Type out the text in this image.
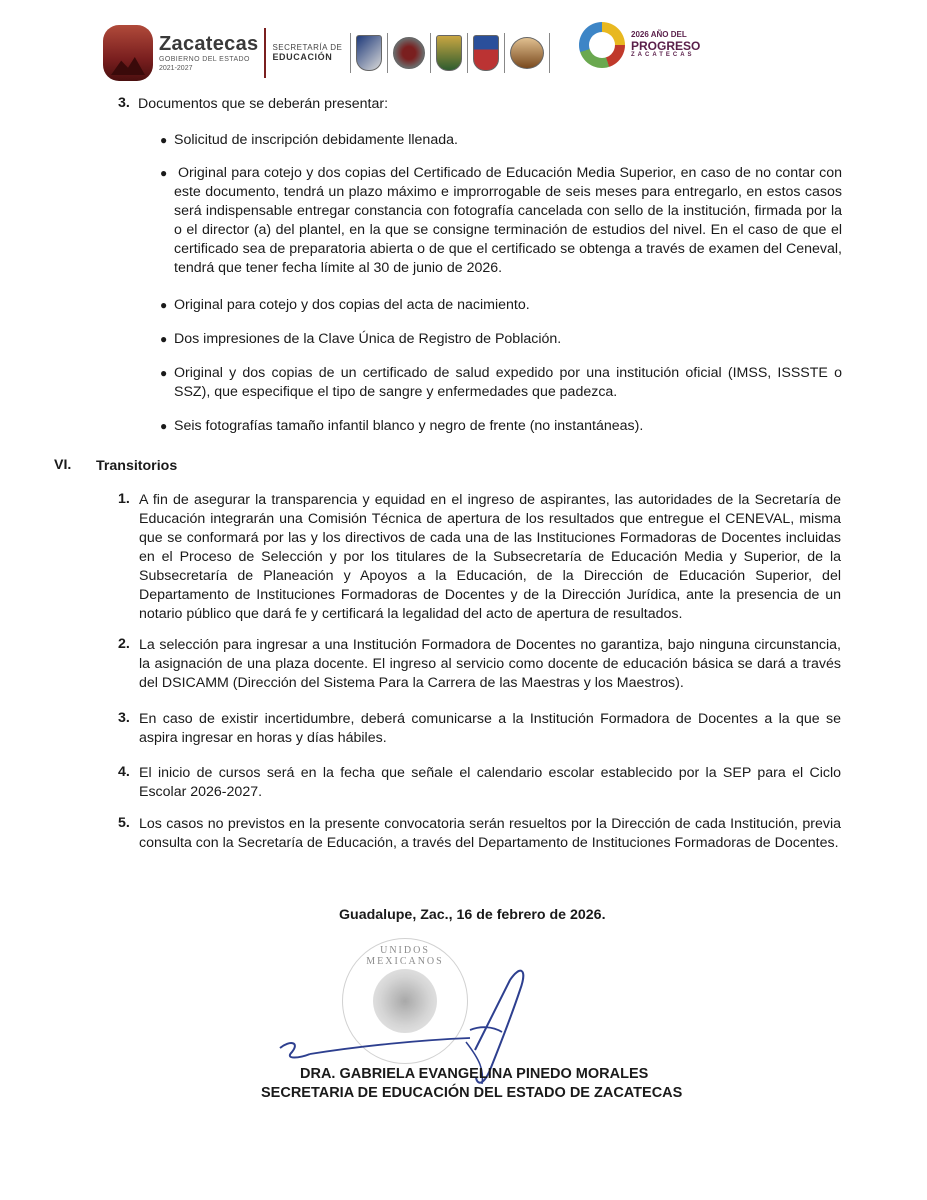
Zacatecas
GOBIERNO DEL ESTADO
2021-2027
SECRETARÍA DE
EDUCACIÓN
2026 AÑO DEL
PROGRESO
ZACATECAS
3. Documentos que se deberán presentar:
● Solicitud de inscripción debidamente llenada.
● Original para cotejo y dos copias del Certificado de Educación Media Superior, en caso de no contar con este documento, tendrá un plazo máximo e improrrogable de seis meses para entregarlo, en estos casos será indispensable entregar constancia con fotografía cancelada con sello de la institución, firmada por la o el director (a) del plantel, en la que se consigne terminación de estudios del nivel. En el caso de que el certificado sea de preparatoria abierta o de que el certificado se obtenga a través de examen del Ceneval, tendrá que tener fecha límite al 30 de junio de 2026.
● Original para cotejo y dos copias del acta de nacimiento.
● Dos impresiones de la Clave Única de Registro de Población.
● Original y dos copias de un certificado de salud expedido por una institución oficial (IMSS, ISSSTE o SSZ), que especifique el tipo de sangre y enfermedades que padezca.
● Seis fotografías tamaño infantil blanco y negro de frente (no instantáneas).
VI. Transitorios
1. A fin de asegurar la transparencia y equidad en el ingreso de aspirantes, las autoridades de la Secretaría de Educación integrarán una Comisión Técnica de apertura de los resultados que entregue el CENEVAL, misma que se conformará por las y los directivos de cada una de las Instituciones Formadoras de Docentes incluidas en el Proceso de Selección y por los titulares de la Subsecretaría de Educación Media y Superior, de la Subsecretaría de Planeación y Apoyos a la Educación, de la Dirección de Educación Superior, del Departamento de Instituciones Formadoras de Docentes y de la Dirección Jurídica, ante la presencia de un notario público que dará fe y certificará la legalidad del acto de apertura de resultados.
2. La selección para ingresar a una Institución Formadora de Docentes no garantiza, bajo ninguna circunstancia, la asignación de una plaza docente. El ingreso al servicio como docente de educación básica se dará a través del DSICAMM (Dirección del Sistema Para la Carrera de las Maestras y los Maestros).
3. En caso de existir incertidumbre, deberá comunicarse a la Institución Formadora de Docentes a la que se aspira ingresar en horas y días hábiles.
4. El inicio de cursos será en la fecha que señale el calendario escolar establecido por la SEP para el Ciclo Escolar 2026-2027.
5. Los casos no previstos en la presente convocatoria serán resueltos por la Dirección de cada Institución, previa consulta con la Secretaría de Educación, a través del Departamento de Instituciones Formadoras de Docentes.
Guadalupe, Zac., 16 de febrero de 2026.
UNIDOS MEXICANOS
DRA. GABRIELA EVANGELINA PINEDO MORALES
SECRETARIA DE EDUCACIÓN DEL ESTADO DE ZACATECAS
